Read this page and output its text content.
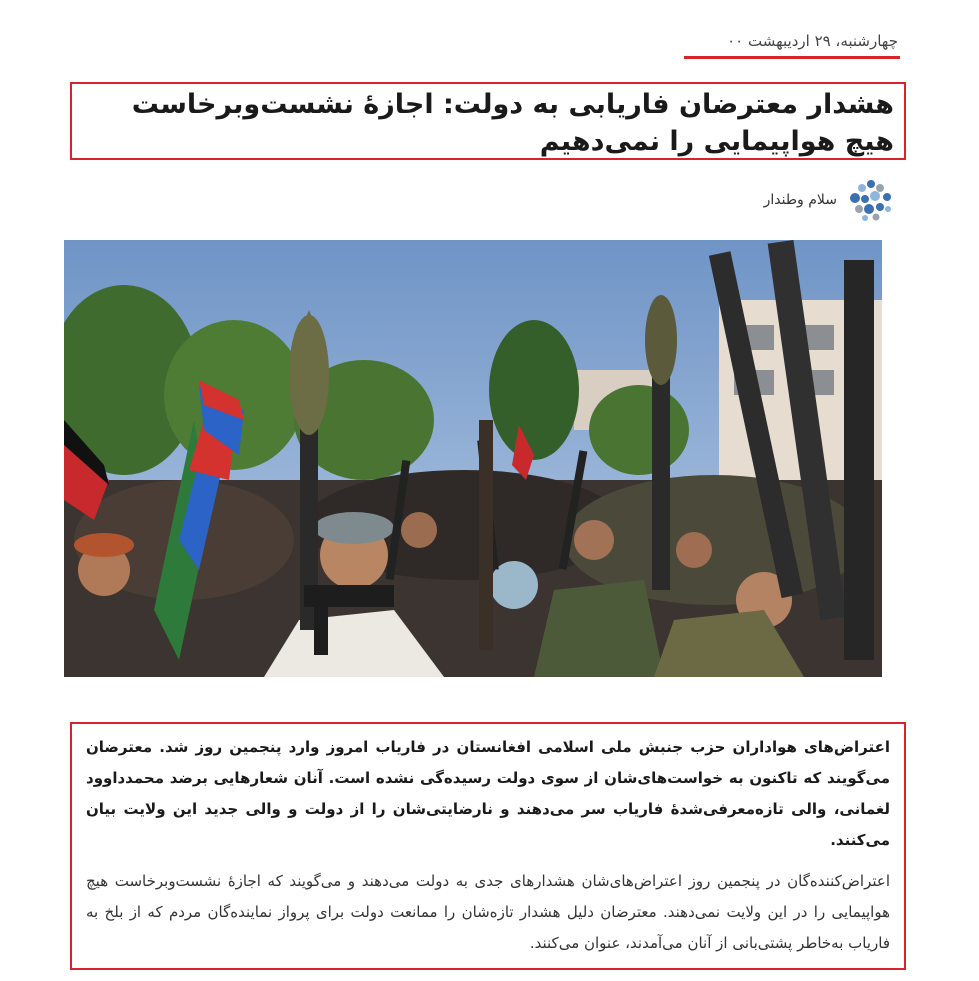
چهارشنبه، ۲۹ اردیبهشت ۰۰
هشدار معترضان فاریابی به دولت: اجازۀ نشست‌وبرخاست هیچ هواپیمایی را نمی‌دهیم
سلام وطندار

اعتراض‌های هواداران حزب جنبش ملی اسلامی افغانستان در فاریاب امروز وارد پنجمین روز شد. معترضان می‌گویند که تاکنون به خواست‌های‌شان از سوی دولت رسیده‌گی نشده است. آنان شعارهایی برضد محمدداوود لغمانی، والی تازه‌معرفی‌شدۀ فاریاب سر می‌دهند و نارضایتی‌شان را از دولت و والی جدید این ولایت بیان می‌کنند.

اعتراض‌کننده‌گان در پنجمین روز اعتراض‌های‌شان هشدارهای جدی به دولت می‌دهند و می‌گویند که اجازۀ نشست‌وبرخاست هیچ هواپیمایی را در این ولایت نمی‌دهند. معترضان دلیل هشدار تازه‌شان را ممانعت دولت برای پرواز نماینده‌گان مردم که از بلخ به فاریاب به‌خاطر پشتی‌بانی از آنان می‌آمدند، عنوان می‌کنند.
